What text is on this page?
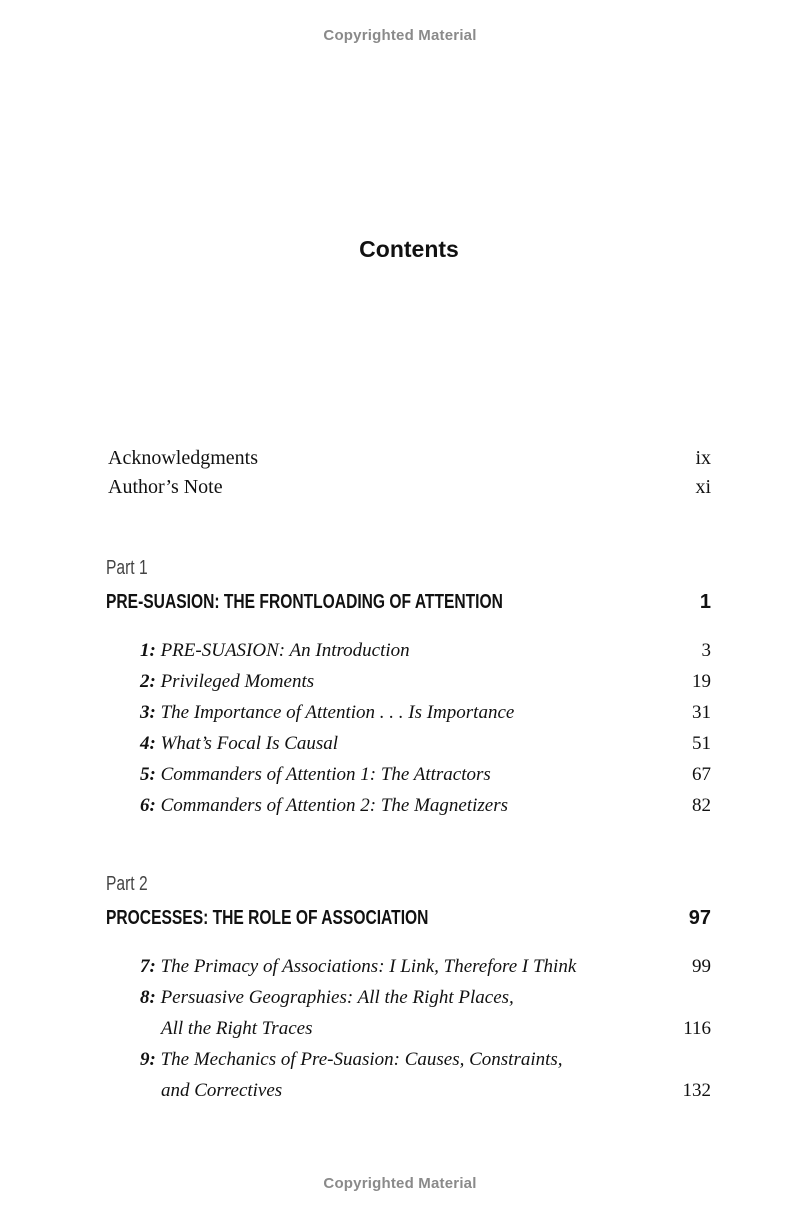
Copyrighted Material
Contents
Acknowledgments	ix
Author’s Note	xi
Part 1
PRE-SUASION: THE FRONTLOADING OF ATTENTION	1
1: PRE-SUASION: An Introduction	3
2: Privileged Moments	19
3: The Importance of Attention . . . Is Importance	31
4: What’s Focal Is Causal	51
5: Commanders of Attention 1: The Attractors	67
6: Commanders of Attention 2: The Magnetizers	82
Part 2
PROCESSES: THE ROLE OF ASSOCIATION	97
7: The Primacy of Associations: I Link, Therefore I Think	99
8: Persuasive Geographies: All the Right Places,
All the Right Traces	116
9: The Mechanics of Pre-Suasion: Causes, Constraints,
and Correctives	132
Copyrighted Material
